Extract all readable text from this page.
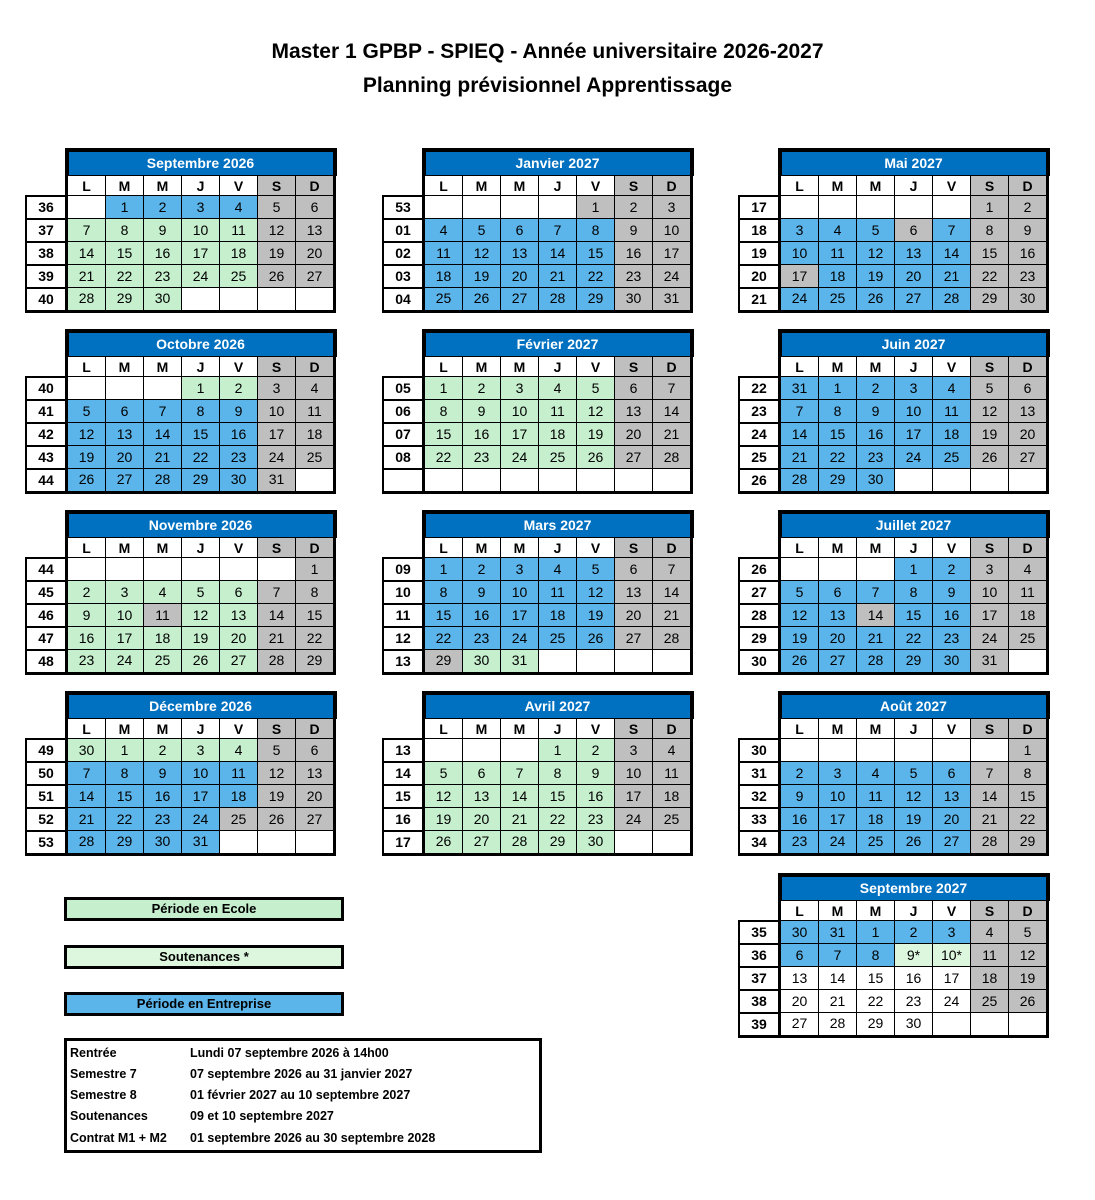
Master 1 GPBP - SPIEQ - Année universitaire 2026-2027
Planning prévisionnel Apprentissage
	Septembre 2026						
	L	M	M	J	V	S	D
36		1	2	3	4	5	6
37	7	8	9	10	11	12	13
38	14	15	16	17	18	19	20
39	21	22	23	24	25	26	27
40	28	29	30				
	Octobre 2026						
	L	M	M	J	V	S	D
40				1	2	3	4
41	5	6	7	8	9	10	11
42	12	13	14	15	16	17	18
43	19	20	21	22	23	24	25
44	26	27	28	29	30	31	
	Novembre 2026						
	L	M	M	J	V	S	D
44							1
45	2	3	4	5	6	7	8
46	9	10	11	12	13	14	15
47	16	17	18	19	20	21	22
48	23	24	25	26	27	28	29
	Décembre 2026						
	L	M	M	J	V	S	D
49	30	1	2	3	4	5	6
50	7	8	9	10	11	12	13
51	14	15	16	17	18	19	20
52	21	22	23	24	25	26	27
53	28	29	30	31			
	Janvier 2027						
	L	M	M	J	V	S	D
53					1	2	3
01	4	5	6	7	8	9	10
02	11	12	13	14	15	16	17
03	18	19	20	21	22	23	24
04	25	26	27	28	29	30	31
	Février 2027						
	L	M	M	J	V	S	D
05	1	2	3	4	5	6	7
06	8	9	10	11	12	13	14
07	15	16	17	18	19	20	21
08	22	23	24	25	26	27	28

	Mars 2027						
	L	M	M	J	V	S	D
09	1	2	3	4	5	6	7
10	8	9	10	11	12	13	14
11	15	16	17	18	19	20	21
12	22	23	24	25	26	27	28
13	29	30	31				
	Avril 2027						
	L	M	M	J	V	S	D
13				1	2	3	4
14	5	6	7	8	9	10	11
15	12	13	14	15	16	17	18
16	19	20	21	22	23	24	25
17	26	27	28	29	30		
	Mai 2027						
	L	M	M	J	V	S	D
17						1	2
18	3	4	5	6	7	8	9
19	10	11	12	13	14	15	16
20	17	18	19	20	21	22	23
21	24	25	26	27	28	29	30
	Juin 2027						
	L	M	M	J	V	S	D
22	31	1	2	3	4	5	6
23	7	8	9	10	11	12	13
24	14	15	16	17	18	19	20
25	21	22	23	24	25	26	27
26	28	29	30				
	Juillet 2027						
	L	M	M	J	V	S	D
26				1	2	3	4
27	5	6	7	8	9	10	11
28	12	13	14	15	16	17	18
29	19	20	21	22	23	24	25
30	26	27	28	29	30	31	
	Août 2027						
	L	M	M	J	V	S	D
30							1
31	2	3	4	5	6	7	8
32	9	10	11	12	13	14	15
33	16	17	18	19	20	21	22
34	23	24	25	26	27	28	29
	Septembre 2027						
	L	M	M	J	V	S	D
35	30	31	1	2	3	4	5
36	6	7	8	9*	10*	11	12
37	13	14	15	16	17	18	19
38	20	21	22	23	24	25	26
39	27	28	29	30			
Période en Ecole
Soutenances *
Période en Entreprise
Rentrée	Lundi 07 septembre 2026 à 14h00
Semestre 7	07 septembre 2026 au 31 janvier 2027
Semestre 8	01 février 2027 au 10 septembre 2027
Soutenances	09 et 10 septembre 2027
Contrat M1 + M2 01 septembre 2026 au 30 septembre 2028
